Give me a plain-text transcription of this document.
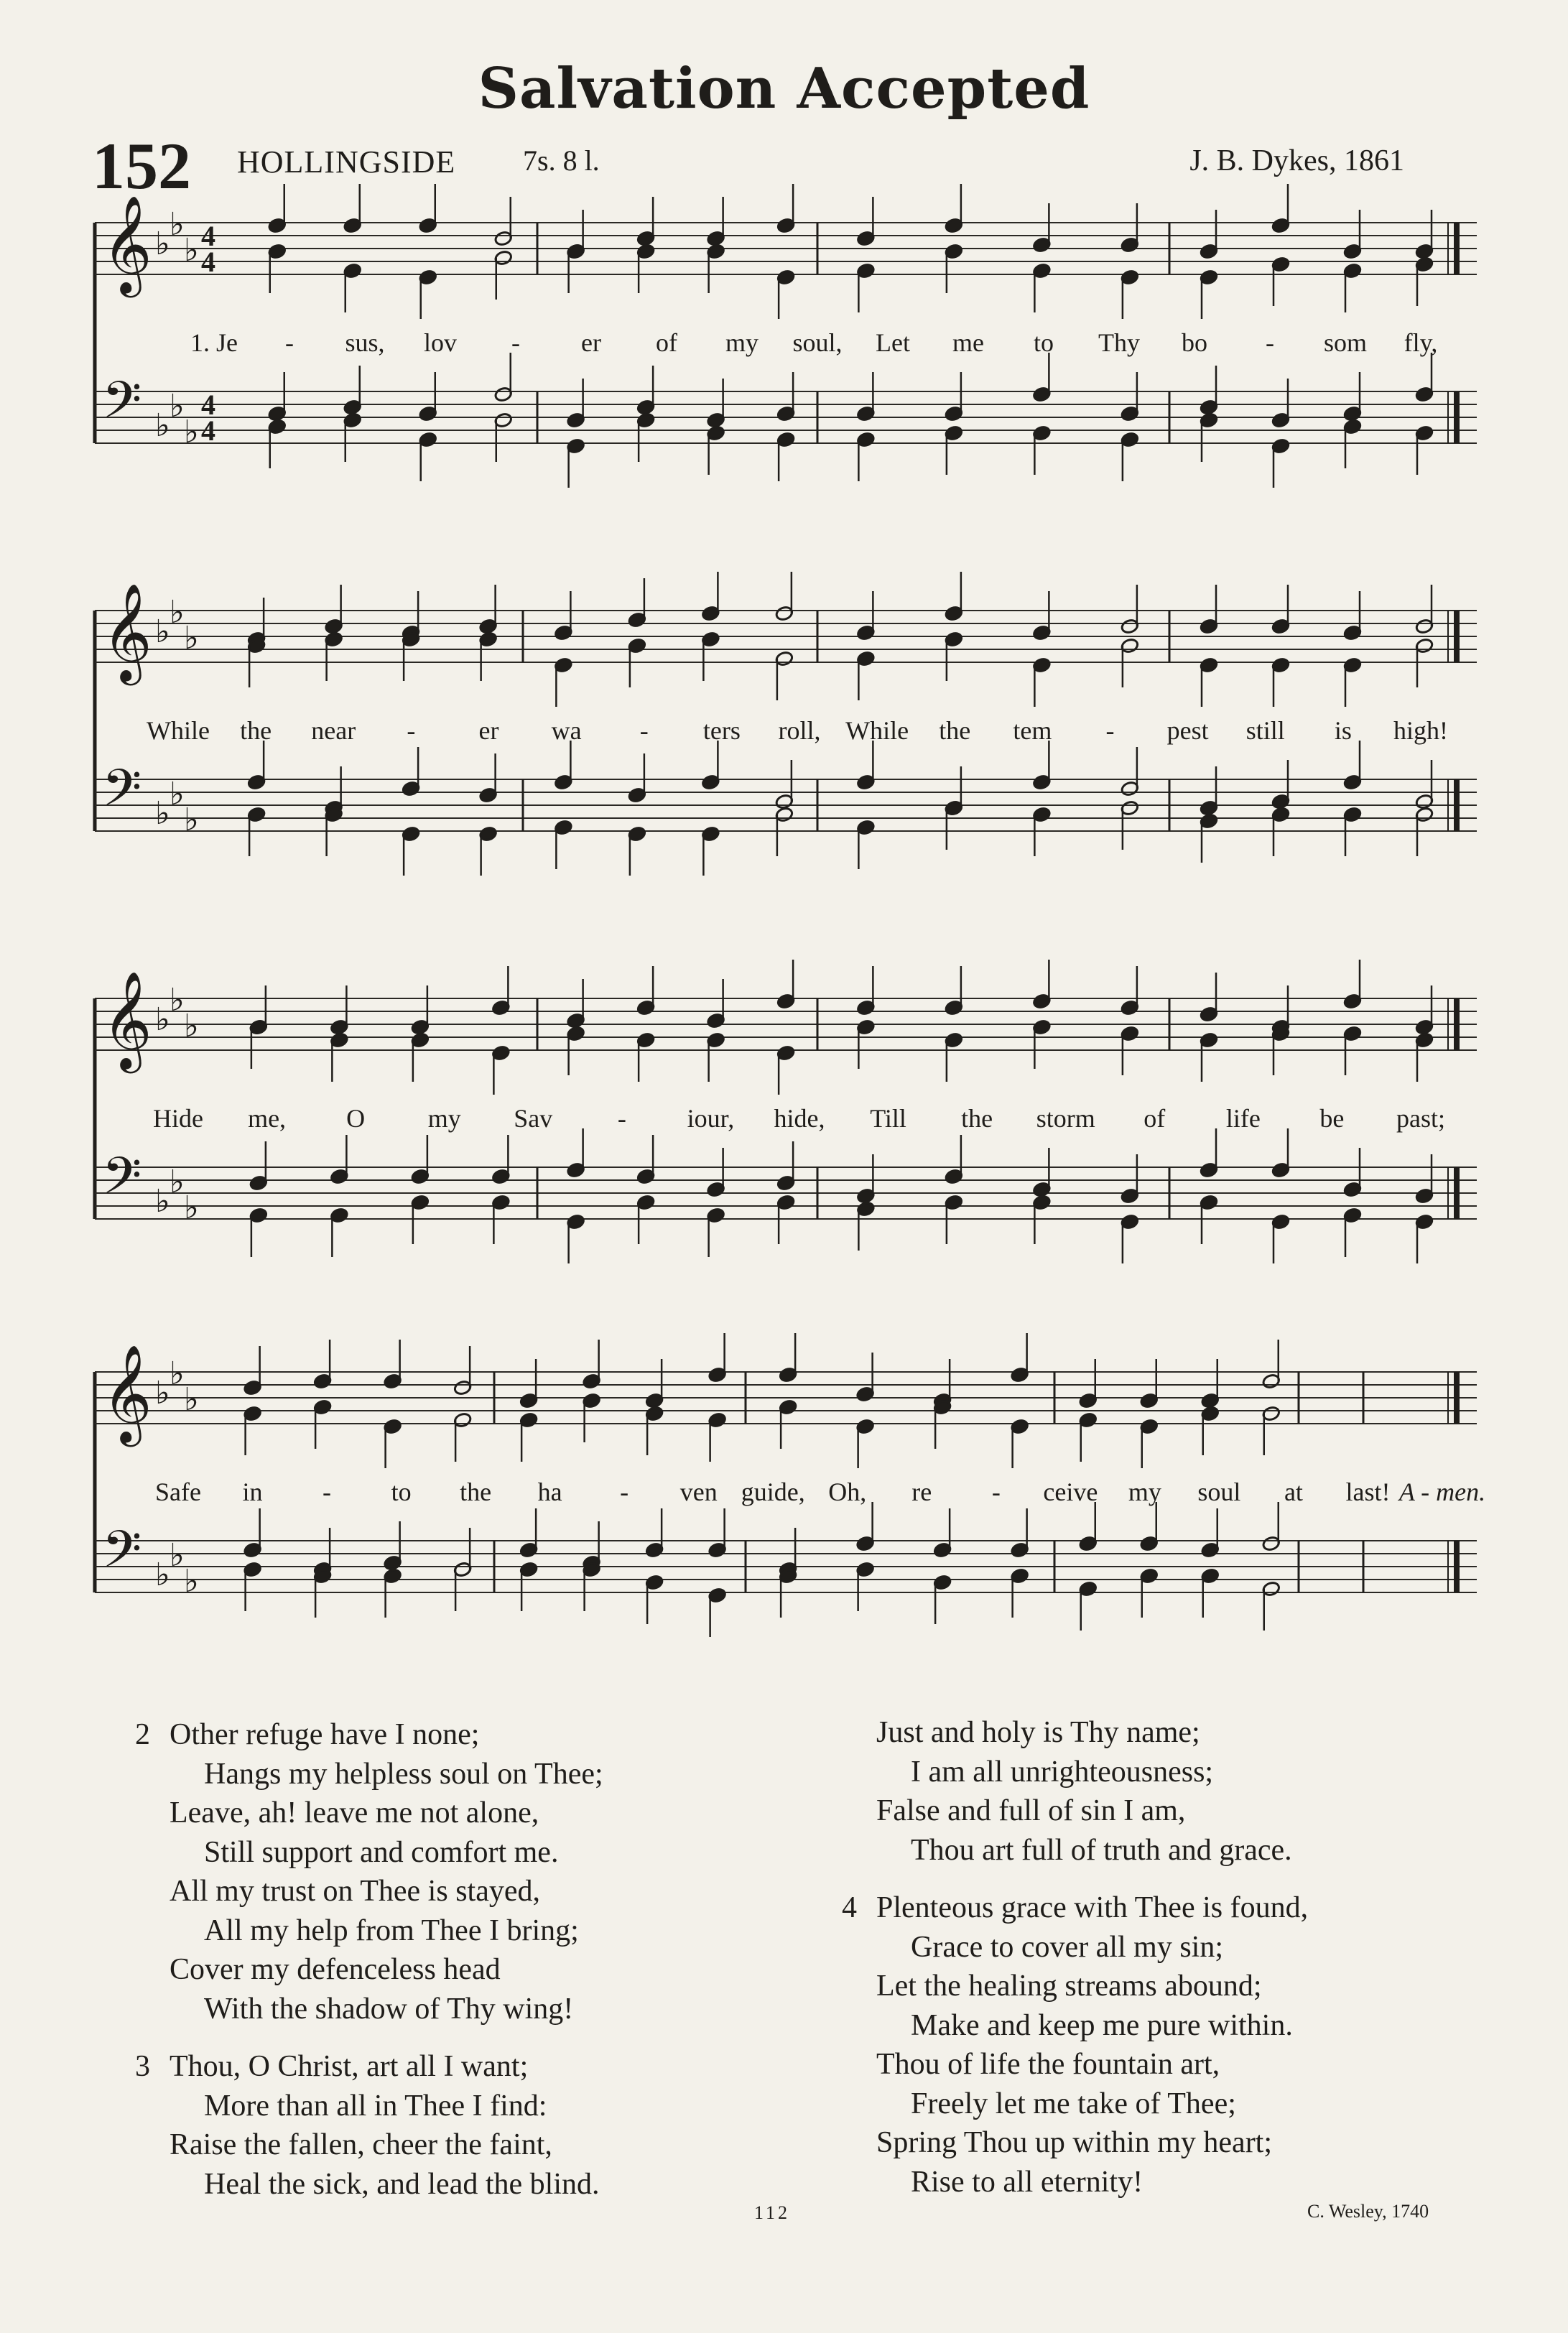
Salvation Accepted
152 HOLLINGSIDE 7s. 8 l.	J. B. Dykes, 1861
𝄞 ♭
♭
♭ 4
4
𝄢 ♭
♭
♭
4
4
1. Je - sus, lov - er of my soul, Let me to Thy bo - som fly,
𝄞 ♭
♭
♭
𝄢 ♭
♭
♭
While the near - er wa - ters roll, While the tem - pest still is high!
𝄞 ♭
♭
♭
𝄢 ♭
♭
♭
Hide me, O my Sav	- iour, hide, Till the storm of life be past;
𝄞 ♭
♭
♭
𝄢 ♭
♭
♭
Safe in - to the ha - ven guide, Oh, re - ceive my soul at last! A - men.
2 Other refuge have I none;
Hangs my helpless soul on Thee;
Leave, ah! leave me not alone,
Still support and comfort me.
All my trust on Thee is stayed,
All my help from Thee I bring;
Cover my defenceless head
With the shadow of Thy wing!
3 Thou, O Christ, art all I want;
More than all in Thee I find:
Raise the fallen, cheer the faint,
Heal the sick, and lead the blind.
Just and holy is Thy name;
I am all unrighteousness;
False and full of sin I am,
Thou art full of truth and grace.
4 Plenteous grace with Thee is found,
Grace to cover all my sin;
Let the healing streams abound;
Make and keep me pure within.
Thou of life the fountain art,
Freely let me take of Thee;
Spring Thou up within my heart;
Rise to all eternity!
112	C. Wesley, 1740
